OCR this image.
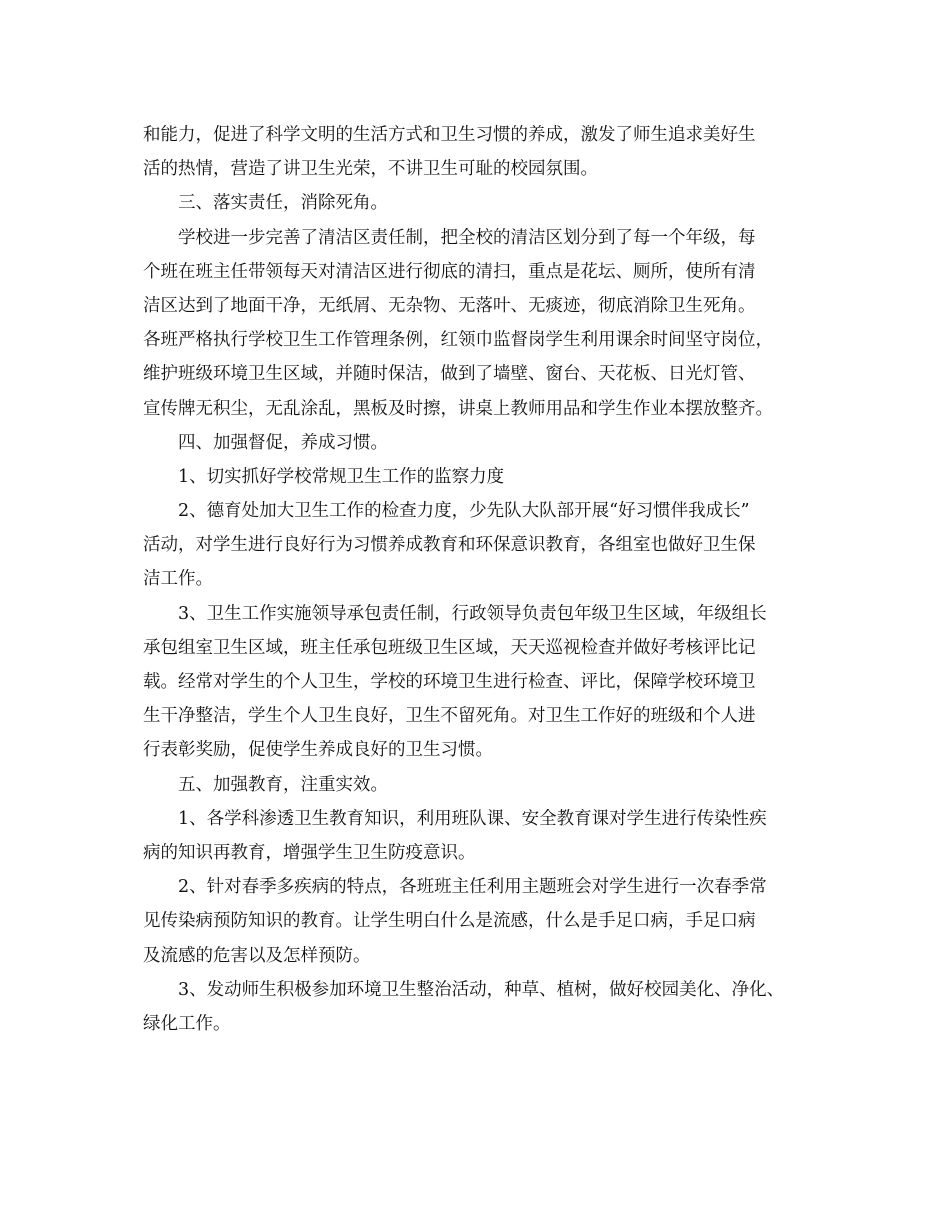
和能力，促进了科学文明的生活方式和卫生习惯的养成，激发了师生追求美好生
活的热情，营造了讲卫生光荣，不讲卫生可耻的校园氛围。
三、落实责任，消除死角。
学校进一步完善了清洁区责任制，把全校的清洁区划分到了每一个年级，每
个班在班主任带领每天对清洁区进行彻底的清扫，重点是花坛、厕所，使所有清
洁区达到了地面干净，无纸屑、无杂物、无落叶、无痰迹，彻底消除卫生死角。
各班严格执行学校卫生工作管理条例，红领巾监督岗学生利用课余时间坚守岗位，
维护班级环境卫生区域，并随时保洁，做到了墙壁、窗台、天花板、日光灯管、
宣传牌无积尘，无乱涂乱，黑板及时擦，讲桌上教师用品和学生作业本摆放整齐。
四、加强督促，养成习惯。
1、切实抓好学校常规卫生工作的监察力度
2、德育处加大卫生工作的检查力度，少先队大队部开展“好习惯伴我成长”
活动，对学生进行良好行为习惯养成教育和环保意识教育，各组室也做好卫生保
洁工作。
3、卫生工作实施领导承包责任制，行政领导负责包年级卫生区域，年级组长
承包组室卫生区域，班主任承包班级卫生区域，天天巡视检查并做好考核评比记
载。经常对学生的个人卫生，学校的环境卫生进行检查、评比，保障学校环境卫
生干净整洁，学生个人卫生良好，卫生不留死角。对卫生工作好的班级和个人进
行表彰奖励，促使学生养成良好的卫生习惯。
五、加强教育，注重实效。
1、各学科渗透卫生教育知识，利用班队课、安全教育课对学生进行传染性疾
病的知识再教育，增强学生卫生防疫意识。
2、针对春季多疾病的特点，各班班主任利用主题班会对学生进行一次春季常
见传染病预防知识的教育。让学生明白什么是流感，什么是手足口病，手足口病
及流感的危害以及怎样预防。
3、发动师生积极参加环境卫生整治活动，种草、植树，做好校园美化、净化、
绿化工作。
